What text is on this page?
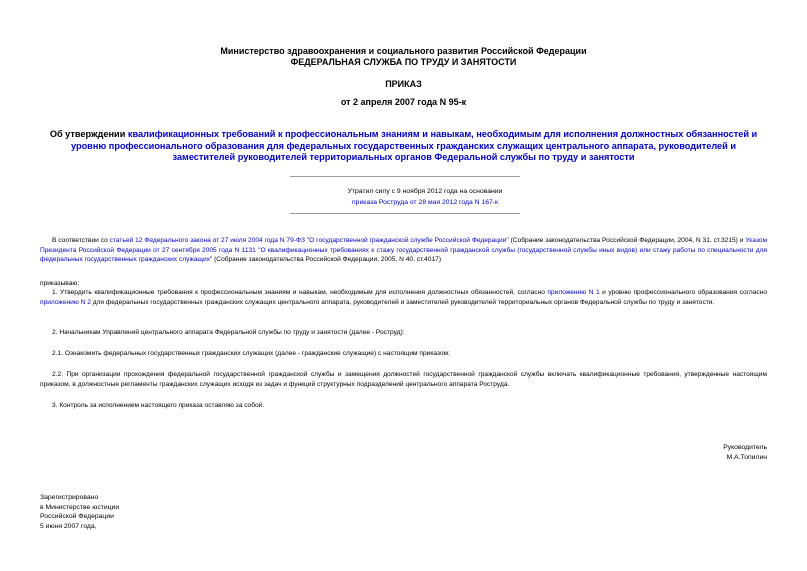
Министерство здравоохранения и социального развития Российской Федерации
ФЕДЕРАЛЬНАЯ СЛУЖБА ПО ТРУДУ И ЗАНЯТОСТИ
ПРИКАЗ
от 2 апреля 2007 года N 95-к
Об утверждении квалификационных требований к профессиональным знаниям и навыкам, необходимым для исполнения должностных обязанностей и уровню профессионального образования для федеральных государственных гражданских служащих центрального аппарата, руководителей и заместителей руководителей территориальных органов Федеральной службы по труду и занятости
Утратил силу с 9 ноября 2012 года на основании
приказа Роструда от 28 мая 2012 года N 167-к
В соответствии со статьей 12 Федерального закона от 27 июля 2004 года N 79-ФЗ "О государственной гражданской службе Российской Федерации" (Собрание законодательства Российской Федерации, 2004, N 31, ст.3215) и Указом Президента Российской Федерации от 27 сентября 2005 года N 1131 "О квалификационных требованиях к стажу государственной гражданской службы (государственной службы иных видов) или стажу работы по специальности для федеральных государственных гражданских служащих" (Собрание законодательства Российской Федерации, 2005, N 40, ст.4017)
приказываю:
1. Утвердить квалификационные требования к профессиональным знаниям и навыкам, необходимым для исполнения должностных обязанностей, согласно приложению N 1 и уровню профессионального образования согласно приложению N 2 для федеральных государственных гражданских служащих центрального аппарата, руководителей и заместителей руководителей территориальных органов Федеральной службы по труду и занятости.
2. Начальникам Управлений центрального аппарата Федеральной службы по труду и занятости (далее - Роструд):
2.1. Ознакомить федеральных государственных гражданских служащих (далее - гражданские служащие) с настоящим приказом;
2.2. При организации прохождения федеральной государственной гражданской службы и замещения должностей государственной гражданской службы включать квалификационные требования, утвержденные настоящим приказом, в должностные регламенты гражданских служащих исходя из задач и функций структурных подразделений центрального аппарата Роструда.
3. Контроль за исполнением настоящего приказа оставляю за собой.
Руководитель
М.А.Топилин
Зарегистрировано
в Министерстве юстиции
Российской Федерации
5 июня 2007 года,
